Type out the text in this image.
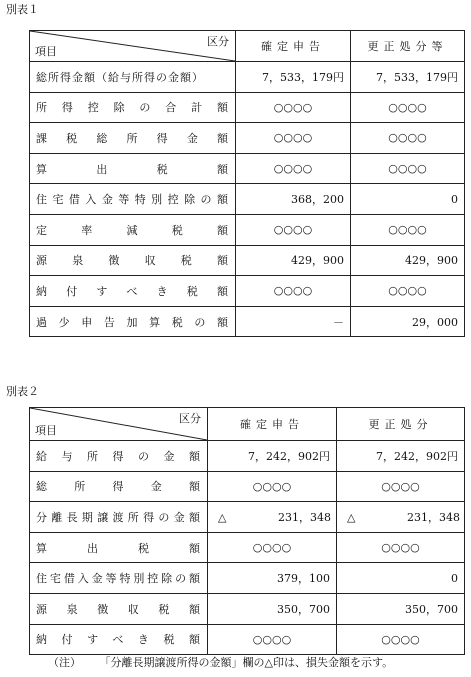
別表１
区分
項目	確定申告	更正処分等
総所得金額（給与所得の金額）	7，533，179円	7，533，179円
所得控除の合計額	○○○○	○○○○
課税総所得金額	○○○○	○○○○
算出税額	○○○○	○○○○
住宅借入金等特別控除の額	368，200	0
定率減税額	○○○○	○○○○
源泉徴収税額	429，900	429，900
納付すべき税額	○○○○	○○○○
過少申告加算税の額	－	29，000
別表２
区分
項目	確定申告	更正処分
給与所得の金額	7，242，902円	7，242，902円
総所得金額	○○○○	○○○○
分離長期譲渡所得の金額	△ 231，348	△ 231，348
算出税額	○○○○	○○○○
住宅借入金等特別控除の額	379，100	0
源泉徴収税額	350，700	350，700
納付すべき税額	○○○○	○○○○
（注） 「分離長期譲渡所得の金額」欄の△印は、損失金額を示す。
